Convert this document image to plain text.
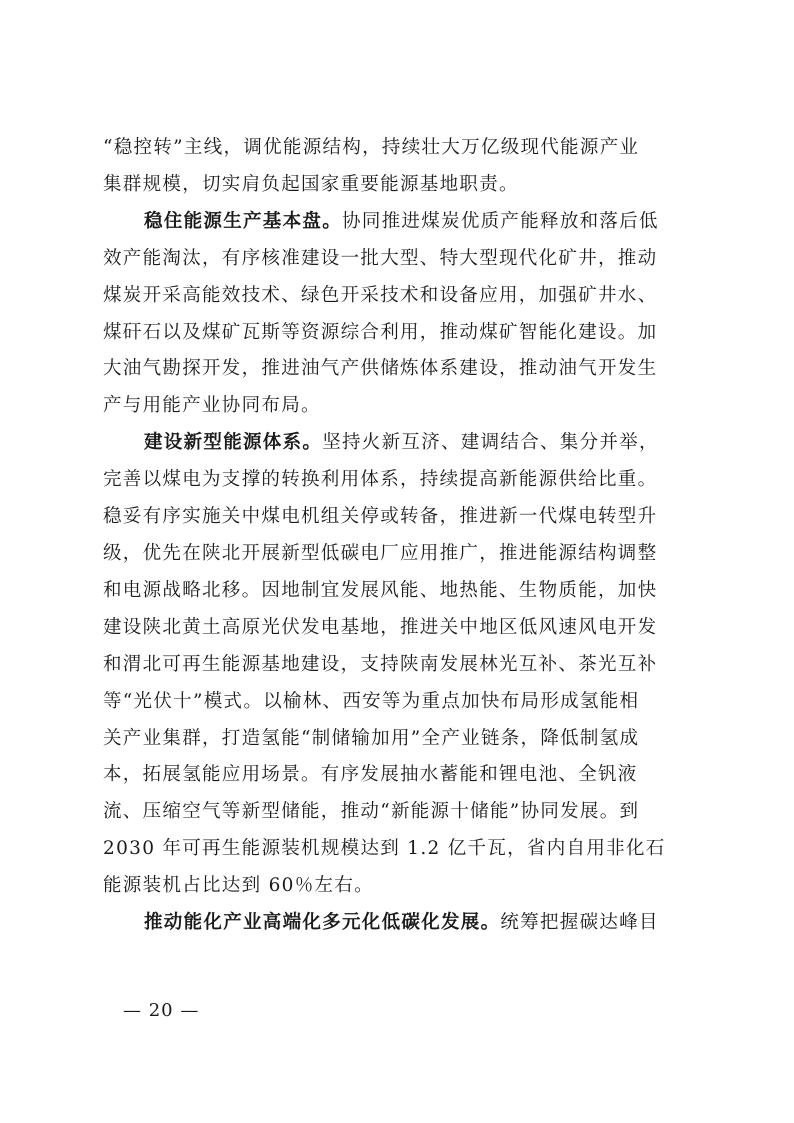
“稳控转”主线，调优能源结构，持续壮大万亿级现代能源产业
集群规模，切实肩负起国家重要能源基地职责。

稳住能源生产基本盘。协同推进煤炭优质产能释放和落后低
效产能淘汰，有序核准建设一批大型、特大型现代化矿井，推动
煤炭开采高能效技术、绿色开采技术和设备应用，加强矿井水、
煤矸石以及煤矿瓦斯等资源综合利用，推动煤矿智能化建设。加
大油气勘探开发，推进油气产供储炼体系建设，推动油气开发生
产与用能产业协同布局。

建设新型能源体系。坚持火新互济、建调结合、集分并举，
完善以煤电为支撑的转换利用体系，持续提高新能源供给比重。
稳妥有序实施关中煤电机组关停或转备，推进新一代煤电转型升
级，优先在陕北开展新型低碳电厂应用推广，推进能源结构调整
和电源战略北移。因地制宜发展风能、地热能、生物质能，加快
建设陕北黄土高原光伏发电基地，推进关中地区低风速风电开发
和渭北可再生能源基地建设，支持陕南发展林光互补、茶光互补
等“光伏十”模式。以榆林、西安等为重点加快布局形成氢能相
关产业集群，打造氢能“制储输加用”全产业链条，降低制氢成
本，拓展氢能应用场景。有序发展抽水蓄能和锂电池、全钒液
流、压缩空气等新型储能，推动“新能源十储能”协同发展。到
2030 年可再生能源装机规模达到 1.2 亿千瓦，省内自用非化石
能源装机占比达到 60％左右。

推动能化产业高端化多元化低碳化发展。统筹把握碳达峰目

— 20 —
